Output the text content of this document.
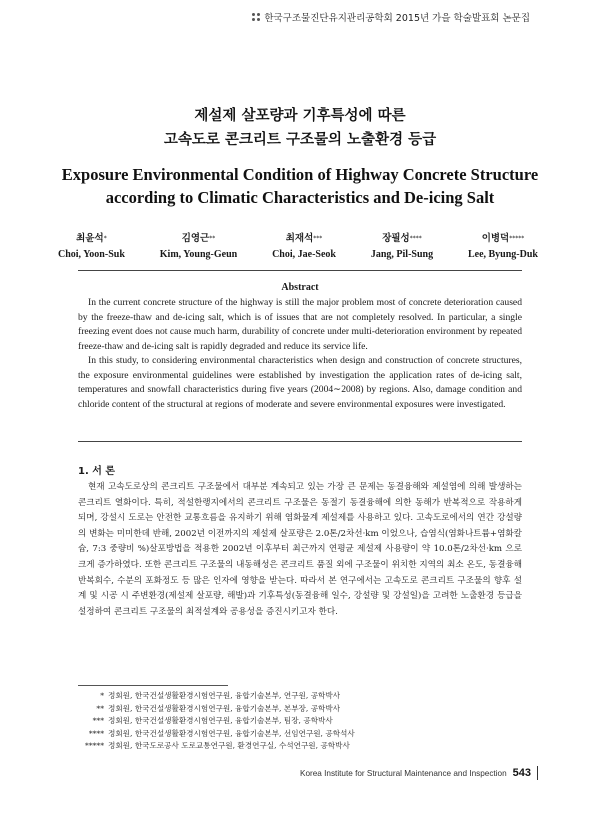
한국구조물진단유지관리공학회 2015년 가을 학술발표회 논문집
제설제 살포량과 기후특성에 따른
고속도로 콘크리트 구조물의 노출환경 등급
Exposure Environmental Condition of Highway Concrete Structure
according to Climatic Characteristics and De-icing Salt
최윤석*
Choi, Yoon-Suk
김영근**
Kim, Young-Geun
최재석***
Choi, Jae-Seok
장필성****
Jang, Pil-Sung
이병덕*****
Lee, Byung-Duk
Abstract

In the current concrete structure of the highway is still the major problem most of concrete deterioration caused by the freeze-thaw and de-icing salt, which is of issues that are not completely resolved. In particular, a single freezing event does not cause much harm, durability of concrete under multi-deterioration environment by repeated freeze-thaw and de-icing salt is rapidly degraded and reduce its service life.

In this study, to considering environmental characteristics when design and construction of concrete structures, the exposure environmental guidelines were established by investigation the application rates of de-icing salt, temperatures and snowfall characteristics during five years (2004∼2008) by regions. Also, damage condition and chloride content of the structural at regions of moderate and severe environmental exposures were investigated.

1. 서 론

현재 고속도로상의 콘크리트 구조물에서 대부분 계속되고 있는 가장 큰 문제는 동결융해와 제설염에 의해 발생하는 콘크리트 열화이다. 특히, 적설한랭지에서의 콘크리트 구조물은 동절기 동결융해에 의한 동해가 반복적으로 작용하게 되며, 강설시 도로는 안전한 교통흐름을 유지하기 위해 염화물계 제설제를 사용하고 있다. 고속도로에서의 연간 강설량의 변화는 미미한데 반해, 2002년 이전까지의 제설제 살포량은 2.0톤/2차선·km 이었으나, 습염식(염화나트륨+염화칼슘, 7:3 중량비 %)살포방법을 적용한 2002년 이후부터 최근까지 연평균 제설제 사용량이 약 10.0톤/2차선·km 으로 크게 증가하였다. 또한 콘크리트 구조물의 내동해성은 콘크리트 품질 외에 구조물이 위치한 지역의 최소 온도, 동결융해 반복회수, 수분의 포화정도 등 많은 인자에 영향을 받는다. 따라서 본 연구에서는 고속도로 콘크리트 구조물의 향후 설계 및 시공 시 주변환경(제설제 살포량, 해발)과 기후특성(동결융해 일수, 강설량 및 강설일)을 고려한 노출환경 등급을 설정하여 콘크리트 구조물의 최적설계와 공용성을 증진시키고자 한다.

* 정회원, 한국건설생활환경시험연구원, 융합기술본부, 연구원, 공학박사
** 정회원, 한국건설생활환경시험연구원, 융합기술본부, 본부장, 공학박사
*** 정회원, 한국건설생활환경시험연구원, 융합기술본부, 팀장, 공학박사
**** 정회원, 한국건설생활환경시험연구원, 융합기술본부, 선임연구원, 공학석사
***** 정회원, 한국도로공사 도로교통연구원, 환경연구실, 수석연구원, 공학박사
Korea Institute for Structural Maintenance and Inspection 543
